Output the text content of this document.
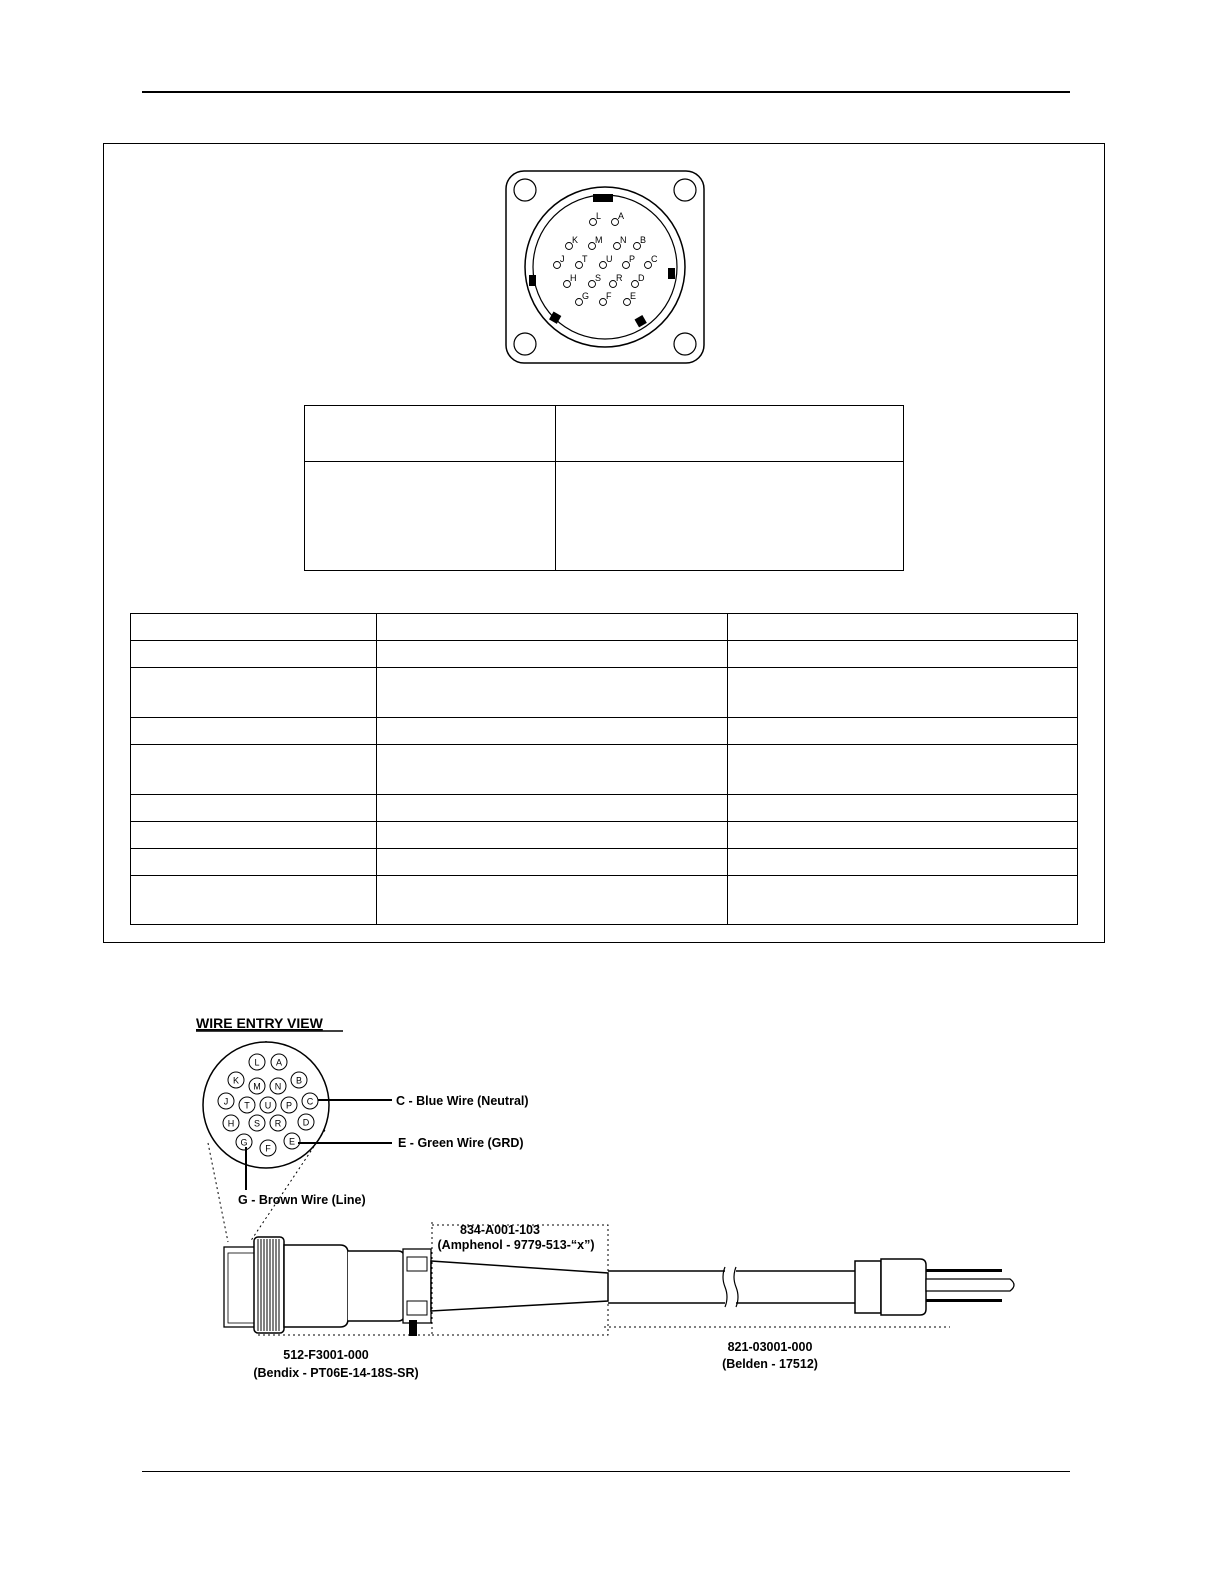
L A
K M N B
J T U P C
H S R D
G F E

WIRE ENTRY VIEW
L A
K
M N
B
J T U P C
H S R D
G
F
E
C - Blue Wire (Neutral)
E - Green Wire (GRD)
G - Brown Wire (Line)
834-A001-103
(Amphenol - 9779-513-“x”)
512-F3001-000
(Bendix - PT06E-14-18S-SR)
821-03001-000
(Belden - 17512)
